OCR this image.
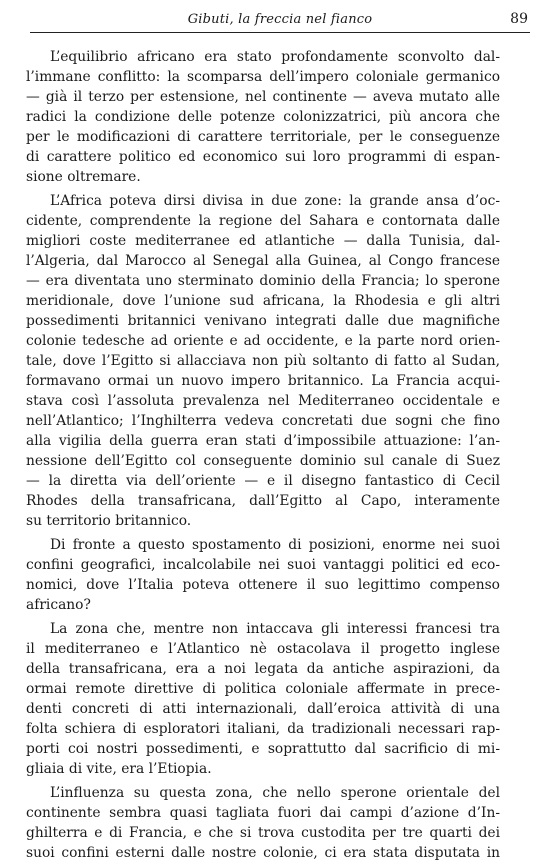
Gibuti, la freccia nel fianco	89
L’equilibrio africano era stato profondamente sconvolto dal-
l’immane conflitto: la scomparsa dell’impero coloniale germanico
— già il terzo per estensione, nel continente — aveva mutato alle
radici la condizione delle potenze colonizzatrici, più ancora che
per le modificazioni di carattere territoriale, per le conseguenze
di carattere politico ed economico sui loro programmi di espan-
sione oltremare.
L’Africa poteva dirsi divisa in due zone: la grande ansa d’oc-
cidente, comprendente la regione del Sahara e contornata dalle
migliori coste mediterranee ed atlantiche — dalla Tunisia, dal-
l’Algeria, dal Marocco al Senegal alla Guinea, al Congo francese
— era diventata uno sterminato dominio della Francia; lo sperone
meridionale, dove l’unione sud africana, la Rhodesia e gli altri
possedimenti britannici venivano integrati dalle due magnifiche
colonie tedesche ad oriente e ad occidente, e la parte nord orien-
tale, dove l’Egitto si allacciava non più soltanto di fatto al Sudan,
formavano ormai un nuovo impero britannico. La Francia acqui-
stava così l’assoluta prevalenza nel Mediterraneo occidentale e
nell’Atlantico; l’Inghilterra vedeva concretati due sogni che fino
alla vigilia della guerra eran stati d’impossibile attuazione: l’an-
nessione dell’Egitto col conseguente dominio sul canale di Suez
— la diretta via dell’oriente — e il disegno fantastico di Cecil
Rhodes della transafricana, dall’Egitto al Capo, interamente
su territorio britannico.
Di fronte a questo spostamento di posizioni, enorme nei suoi
confini geografici, incalcolabile nei suoi vantaggi politici ed eco-
nomici, dove l’Italia poteva ottenere il suo legittimo compenso
africano?
La zona che, mentre non intaccava gli interessi francesi tra
il mediterraneo e l’Atlantico nè ostacolava il progetto inglese
della transafricana, era a noi legata da antiche aspirazioni, da
ormai remote direttive di politica coloniale affermate in prece-
denti concreti di atti internazionali, dall’eroica attività di una
folta schiera di esploratori italiani, da tradizionali necessari rap-
porti coi nostri possedimenti, e soprattutto dal sacrificio di mi-
gliaia di vite, era l’Etiopia.
L’influenza su questa zona, che nello sperone orientale del
continente sembra quasi tagliata fuori dai campi d’azione d’In-
ghilterra e di Francia, e che si trova custodita per tre quarti dei
suoi confini esterni dalle nostre colonie, ci era stata disputata in
